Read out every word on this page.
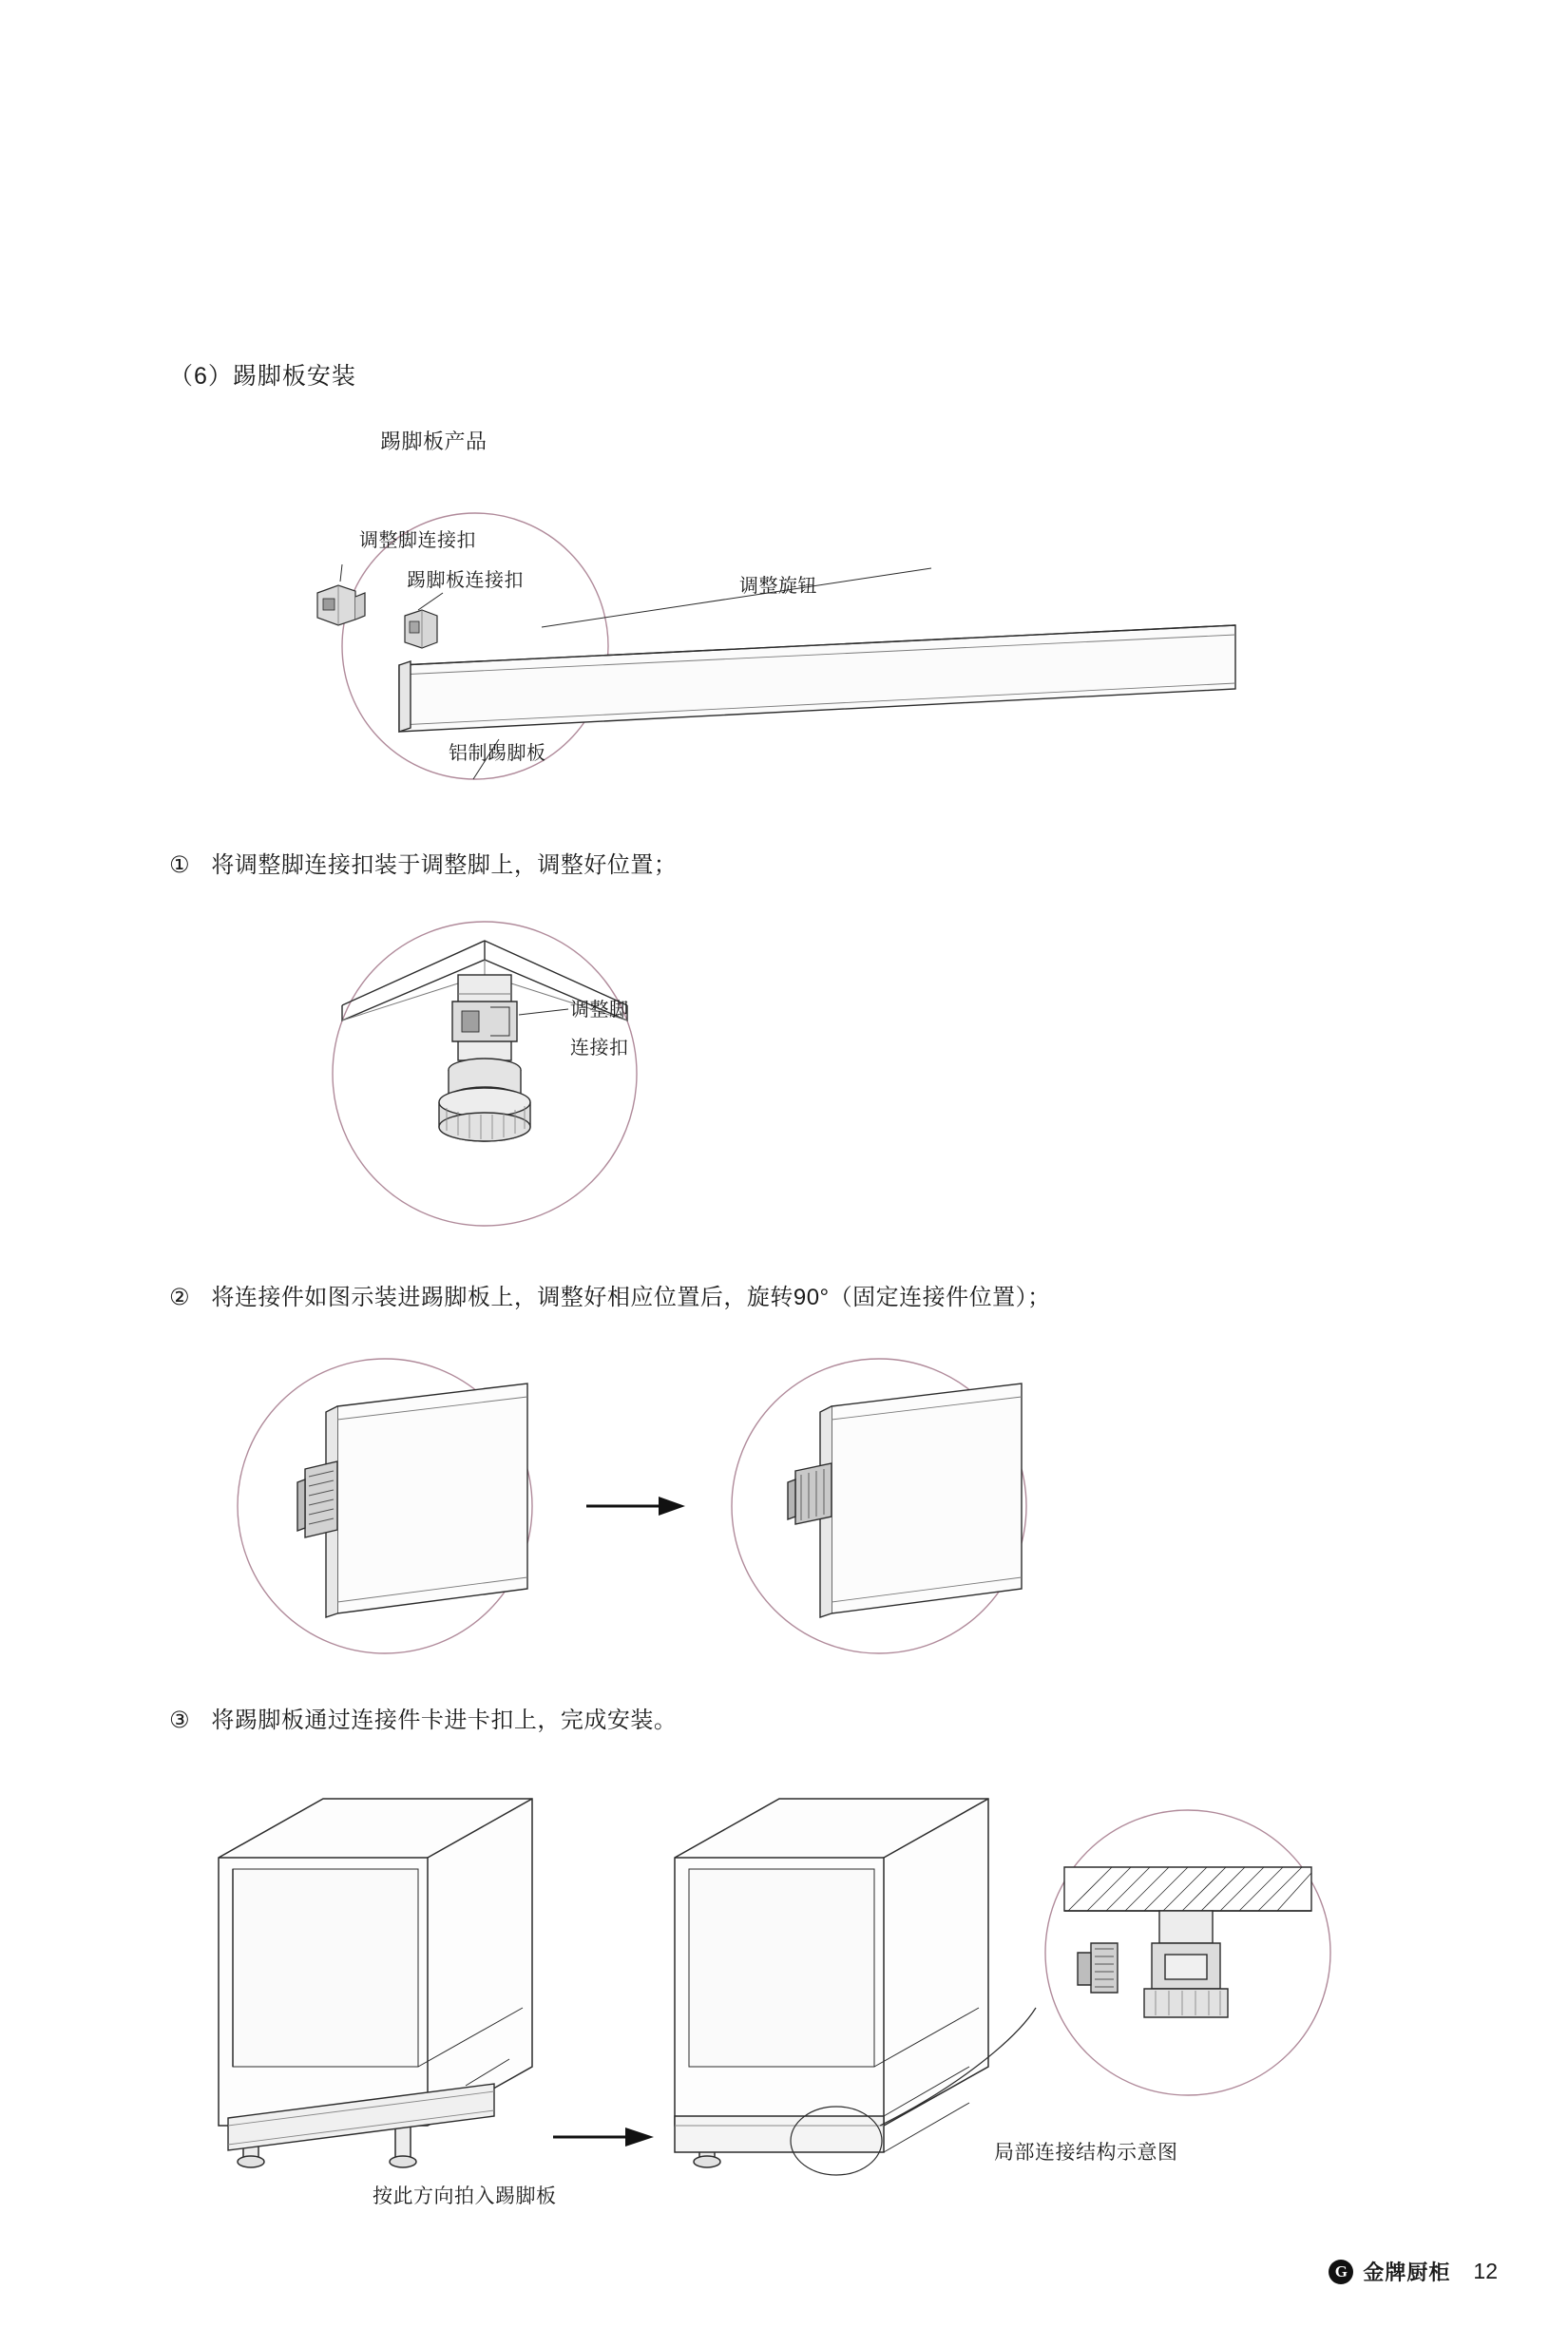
（6）踢脚板安装
踢脚板产品
调整脚连接扣
踢脚板连接扣	调整旋钮
铝制踢脚板
① 将调整脚连接扣装于调整脚上，调整好位置；
调整脚
连接扣
② 将连接件如图示装进踢脚板上，调整好相应位置后，旋转90°（固定连接件位置）；
③ 将踢脚板通过连接件卡进卡扣上，完成安装。
按此方向拍入踢脚板
局部连接结构示意图
G 金牌厨柜 12
